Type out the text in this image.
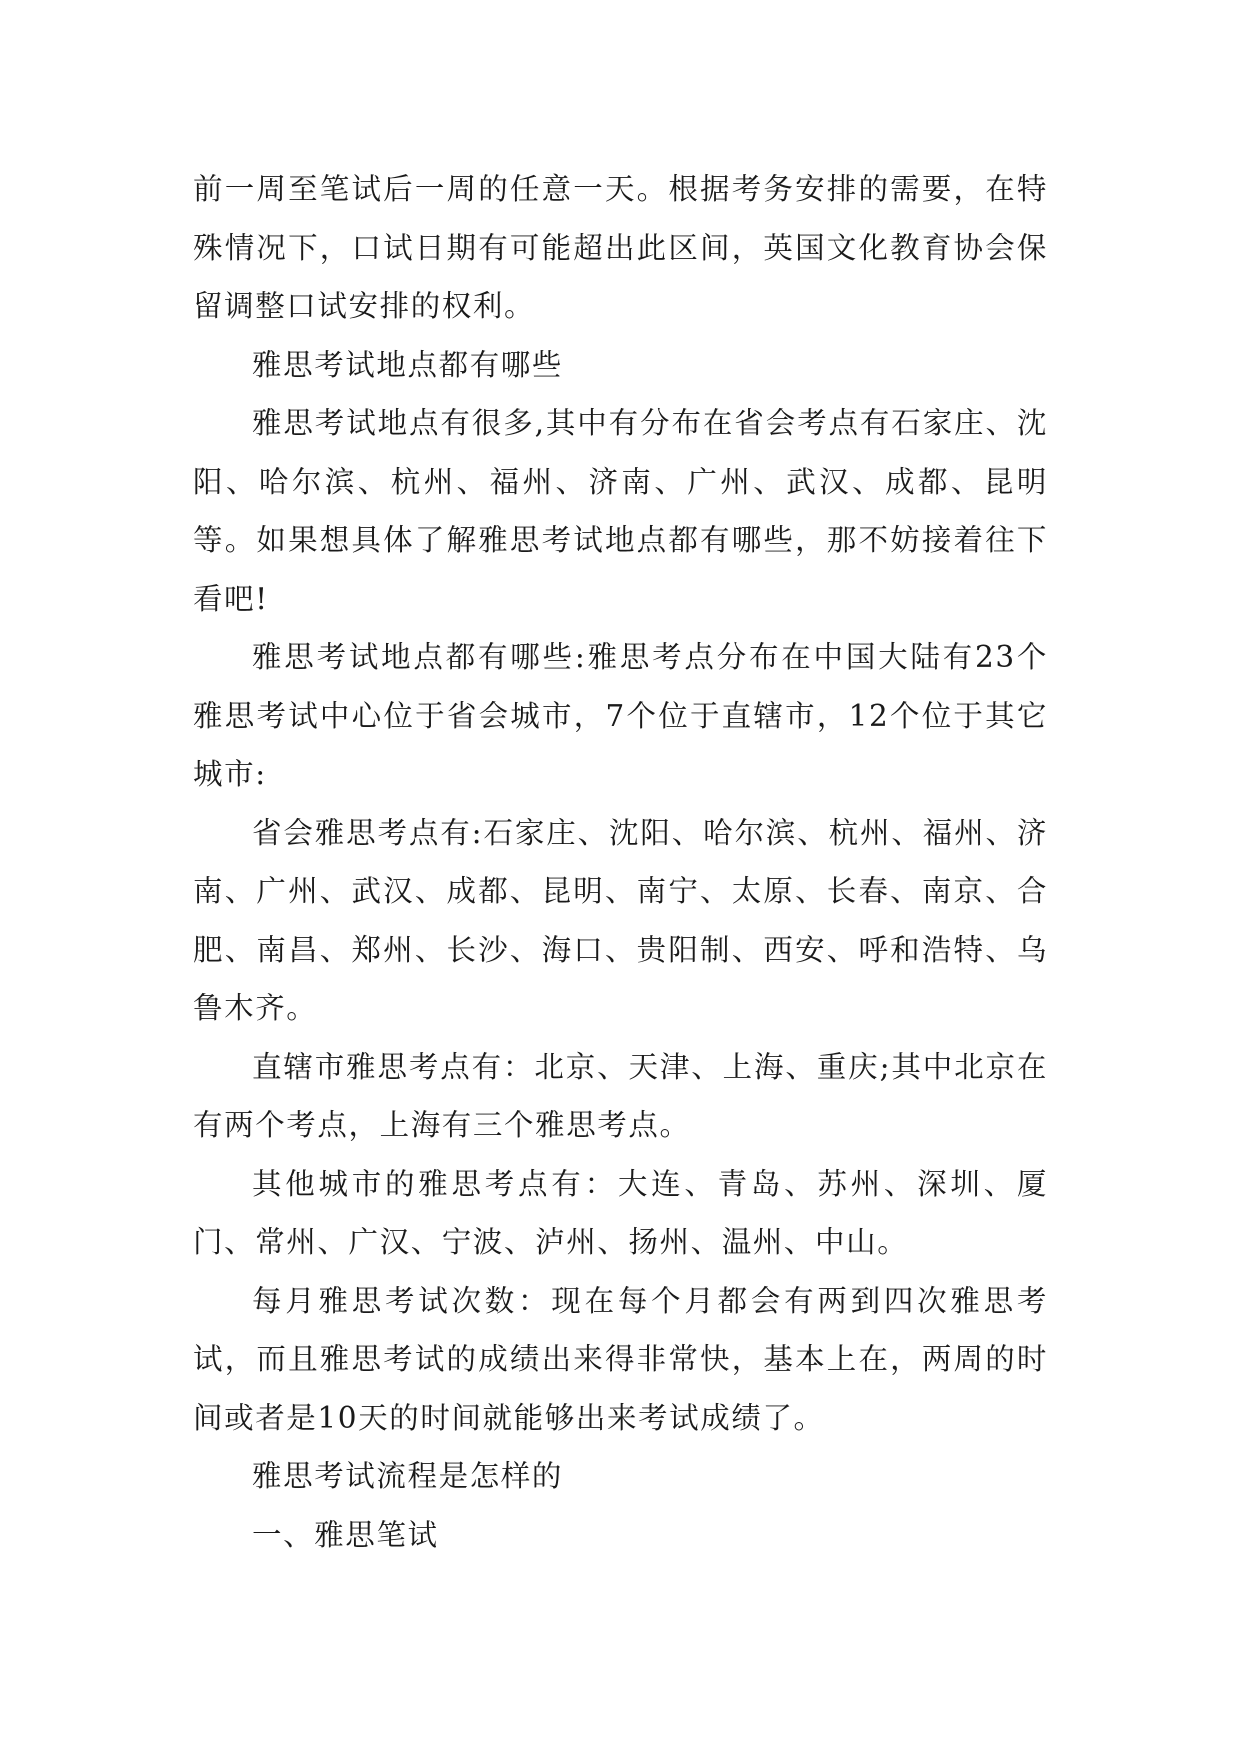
前一周至笔试后一周的任意一天。根据考务安排的需要，在特殊情况下，口试日期有可能超出此区间，英国文化教育协会保留调整口试安排的权利。

雅思考试地点都有哪些

雅思考试地点有很多,其中有分布在省会考点有石家庄、沈阳、哈尔滨、杭州、福州、济南、广州、武汉、成都、昆明等。如果想具体了解雅思考试地点都有哪些，那不妨接着往下看吧!

雅思考试地点都有哪些:雅思考点分布在中国大陆有23个雅思考试中心位于省会城市，7个位于直辖市，12个位于其它城市:

省会雅思考点有:石家庄、沈阳、哈尔滨、杭州、福州、济南、广州、武汉、成都、昆明、南宁、太原、长春、南京、合肥、南昌、郑州、长沙、海口、贵阳制、西安、呼和浩特、乌鲁木齐。

直辖市雅思考点有：北京、天津、上海、重庆;其中北京在有两个考点，上海有三个雅思考点。

其他城市的雅思考点有：大连、青岛、苏州、深圳、厦门、常州、广汉、宁波、泸州、扬州、温州、中山。

每月雅思考试次数：现在每个月都会有两到四次雅思考试，而且雅思考试的成绩出来得非常快，基本上在，两周的时间或者是10天的时间就能够出来考试成绩了。

雅思考试流程是怎样的

一、雅思笔试
